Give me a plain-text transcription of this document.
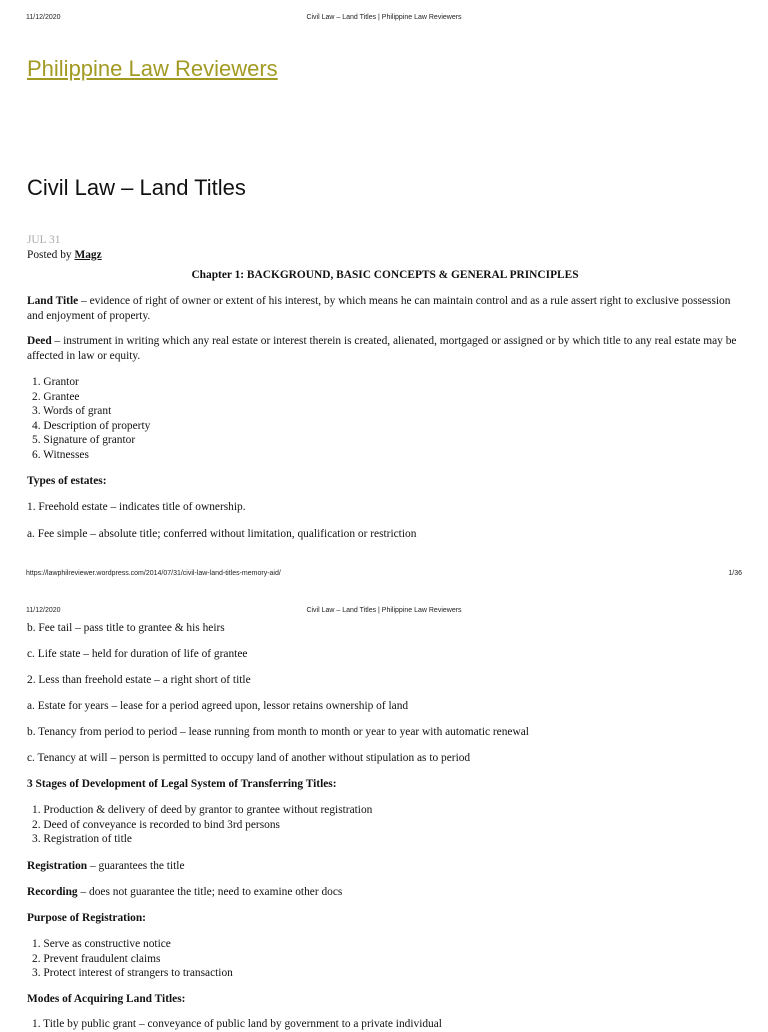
11/12/2020	Civil Law – Land Titles | Philippine Law Reviewers
Philippine Law Reviewers
Civil Law – Land Titles
JUL 31
Posted by Magz
Chapter 1: BACKGROUND, BASIC CONCEPTS & GENERAL PRINCIPLES
Land Title – evidence of right of owner or extent of his interest, by which means he can maintain control and as a rule assert right to exclusive possession and enjoyment of property.
Deed – instrument in writing which any real estate or interest therein is created, alienated, mortgaged or assigned or by which title to any real estate may be affected in law or equity.
1. Grantor
2. Grantee
3. Words of grant
4. Description of property
5. Signature of grantor
6. Witnesses
Types of estates:
1. Freehold estate – indicates title of ownership.
a. Fee simple – absolute title; conferred without limitation, qualification or restriction
https://lawphilreviewer.wordpress.com/2014/07/31/civil-law-land-titles-memory-aid/	1/36
11/12/2020	Civil Law – Land Titles | Philippine Law Reviewers
b. Fee tail – pass title to grantee & his heirs
c. Life state – held for duration of life of grantee
2. Less than freehold estate – a right short of title
a. Estate for years – lease for a period agreed upon, lessor retains ownership of land
b. Tenancy from period to period – lease running from month to month or year to year with automatic renewal
c. Tenancy at will – person is permitted to occupy land of another without stipulation as to period
3 Stages of Development of Legal System of Transferring Titles:
1. Production & delivery of deed by grantor to grantee without registration
2. Deed of conveyance is recorded to bind 3rd persons
3. Registration of title
Registration – guarantees the title
Recording – does not guarantee the title; need to examine other docs
Purpose of Registration:
1. Serve as constructive notice
2. Prevent fraudulent claims
3. Protect interest of strangers to transaction
Modes of Acquiring Land Titles:
1. Title by public grant – conveyance of public land by government to a private individual
